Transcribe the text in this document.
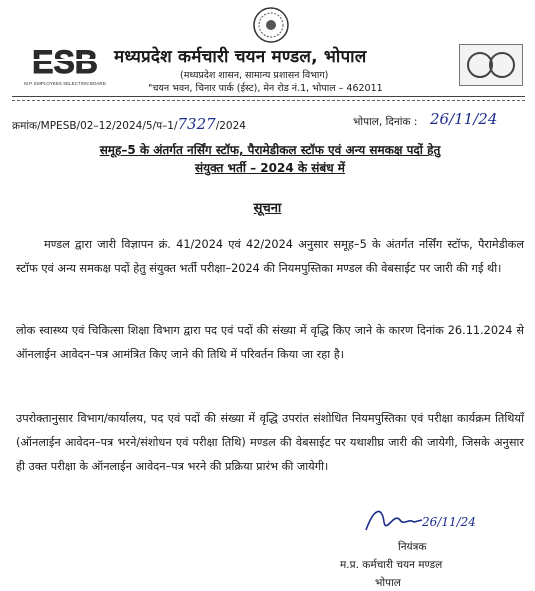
ESB
M.P. EMPLOYEES SELECTION BOARD
मध्यप्रदेश कर्मचारी चयन मण्डल, भोपाल
(मध्यप्रदेश शासन, सामान्य प्रशासन विभाग)
"चयन भवन, चिनार पार्क (ईस्ट), मेन रोड नं.1, भोपाल – 462011
क्रमांक/MPESB/02–12/2024/5/प–1/7327/2024	भोपाल, दिनांक : 26/11/24
समूह–5 के अंतर्गत नर्सिंग स्टॉफ, पैरामेडीकल स्टॉफ एवं अन्य समकक्ष पदों हेतु
संयुक्त भर्ती – 2024 के संबंध में
सूचना
मण्डल द्वारा जारी विज्ञापन क्रं. 41/2024 एवं 42/2024 अनुसार समूह–5 के अंतर्गत नर्सिंग स्टॉफ, पैरामेडीकल स्टॉफ एवं अन्य समकक्ष पदों हेतु संयुक्त भर्ती परीक्षा–2024 की नियमपुस्तिका मण्डल की वेबसाईट पर जारी की गई थी।
लोक स्वास्थ्य एवं चिकित्सा शिक्षा विभाग द्वारा पद एवं पदों की संख्या में वृद्धि किए जाने के कारण दिनांक 26.11.2024 से ऑनलाईन आवेदन–पत्र आमंत्रित किए जाने की तिथि में परिवर्तन किया जा रहा है।
उपरोक्तानुसार विभाग/कार्यालय, पद एवं पदों की संख्या में वृद्धि उपरांत संशोधित नियमपुस्तिका एवं परीक्षा कार्यक्रम तिथियॉं (ऑनलाईन आवेदन–पत्र भरने/संशोधन एवं परीक्षा तिथि) मण्डल की वेबसाईट पर यथाशीघ्र जारी की जायेगी, जिसके अनुसार ही उक्त परीक्षा के ऑनलाईन आवेदन–पत्र भरने की प्रक्रिया प्रारंभ की जायेगी।
26/11/24
नियंत्रक
म.प्र. कर्मचारी चयन मण्डल
भोपाल
